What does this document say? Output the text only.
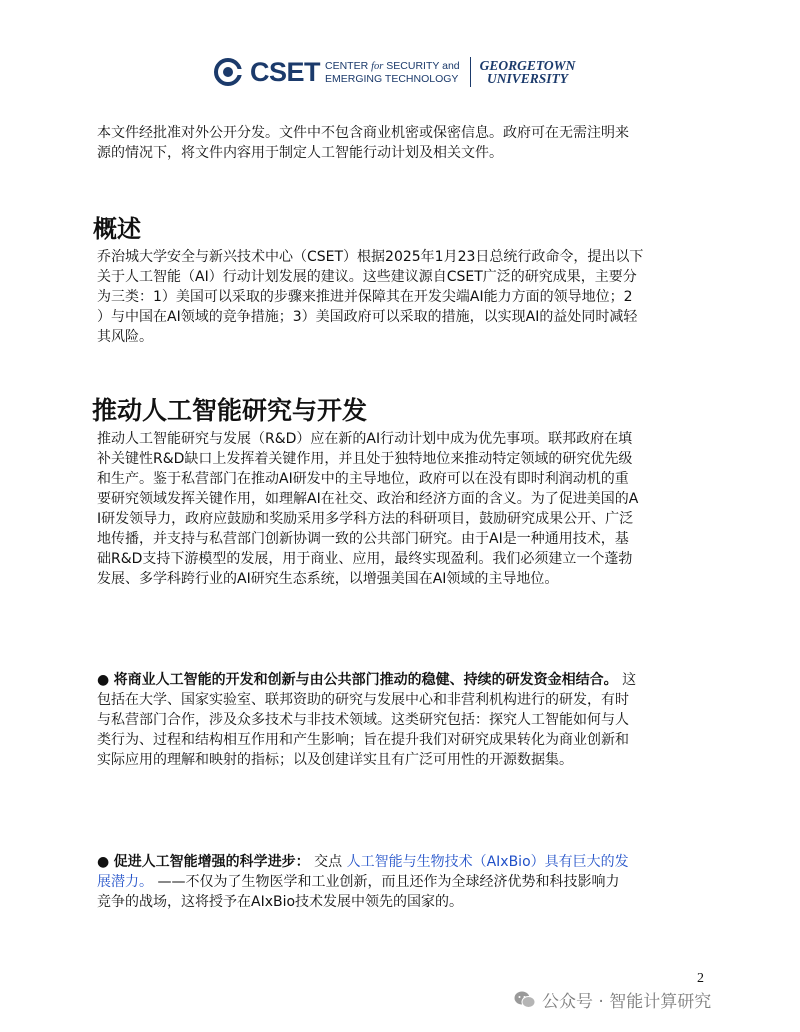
CSET CENTER for SECURITY and
EMERGING TECHNOLOGY
GEORGETOWN
UNIVERSITY
本文件经批准对外公开分发。文件中不包含商业机密或保密信息。政府可在无需注明来
源的情况下，将文件内容用于制定人工智能行动计划及相关文件。
概述
乔治城大学安全与新兴技术中心（CSET）根据2025年1月23日总统行政命令，提出以下
关于人工智能（AI）行动计划发展的建议。这些建议源自CSET广泛的研究成果，主要分
为三类：1）美国可以采取的步骤来推进并保障其在开发尖端AI能力方面的领导地位；2
）与中国在AI领域的竞争措施；3）美国政府可以采取的措施，以实现AI的益处同时减轻
其风险。
推动人工智能研究与开发
推动人工智能研究与发展（R&D）应在新的AI行动计划中成为优先事项。联邦政府在填
补关键性R&D缺口上发挥着关键作用，并且处于独特地位来推动特定领域的研究优先级
和生产。鉴于私营部门在推动AI研发中的主导地位，政府可以在没有即时利润动机的重
要研究领域发挥关键作用，如理解AI在社交、政治和经济方面的含义。为了促进美国的A
I研发领导力，政府应鼓励和奖励采用多学科方法的科研项目，鼓励研究成果公开、广泛
地传播，并支持与私营部门创新协调一致的公共部门研究。由于AI是一种通用技术，基
础R&D支持下游模型的发展，用于商业、应用，最终实现盈利。我们必须建立一个蓬勃
发展、多学科跨行业的AI研究生态系统，以增强美国在AI领域的主导地位。
● 将商业人工智能的开发和创新与由公共部门推动的稳健、持续的研发资金相结合。 这
包括在大学、国家实验室、联邦资助的研究与发展中心和非营利机构进行的研发，有时
与私营部门合作，涉及众多技术与非技术领域。这类研究包括：探究人工智能如何与人
类行为、过程和结构相互作用和产生影响；旨在提升我们对研究成果转化为商业创新和
实际应用的理解和映射的指标；以及创建详实且有广泛可用性的开源数据集。
● 促进人工智能增强的科学进步： 交点 人工智能与生物技术（AIxBio）具有巨大的发
展潜力。 ——不仅为了生物医学和工业创新，而且还作为全球经济优势和科技影响力
竞争的战场，这将授予在AIxBio技术发展中领先的国家的。
2
公众号 · 智能计算研究
